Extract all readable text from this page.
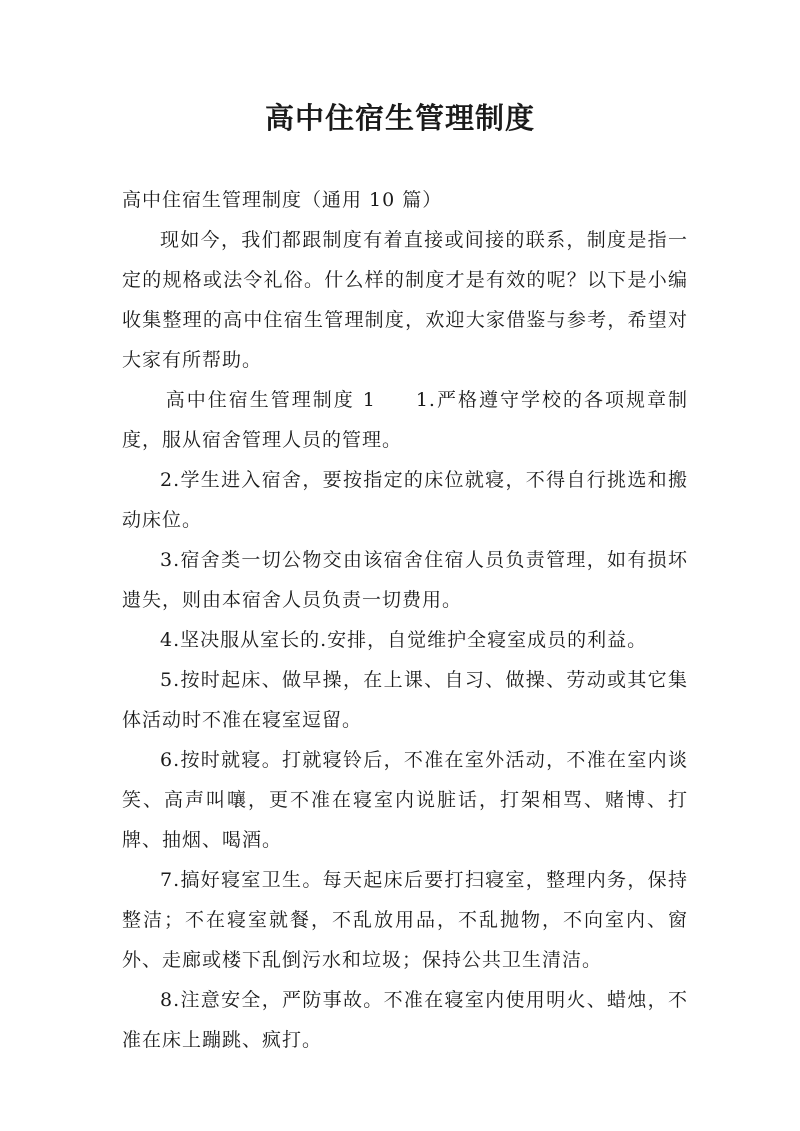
高中住宿生管理制度

高中住宿生管理制度（通用 10 篇）

现如今，我们都跟制度有着直接或间接的联系，制度是指一定的规格或法令礼俗。什么样的制度才是有效的呢？以下是小编收集整理的高中住宿生管理制度，欢迎大家借鉴与参考，希望对大家有所帮助。

高中住宿生管理制度 1 1.严格遵守学校的各项规章制度，服从宿舍管理人员的管理。

2.学生进入宿舍，要按指定的床位就寝，不得自行挑选和搬动床位。

3.宿舍类一切公物交由该宿舍住宿人员负责管理，如有损坏遗失，则由本宿舍人员负责一切费用。

4.坚决服从室长的.安排，自觉维护全寝室成员的利益。

5.按时起床、做早操，在上课、自习、做操、劳动或其它集体活动时不准在寝室逗留。

6.按时就寝。打就寝铃后，不准在室外活动，不准在室内谈笑、高声叫嚷，更不准在寝室内说脏话，打架相骂、赌博、打牌、抽烟、喝酒。

7.搞好寝室卫生。每天起床后要打扫寝室，整理内务，保持整洁；不在寝室就餐，不乱放用品，不乱抛物，不向室内、窗外、走廊或楼下乱倒污水和垃圾；保持公共卫生清洁。

8.注意安全，严防事故。不准在寝室内使用明火、蜡烛，不准在床上蹦跳、疯打。
